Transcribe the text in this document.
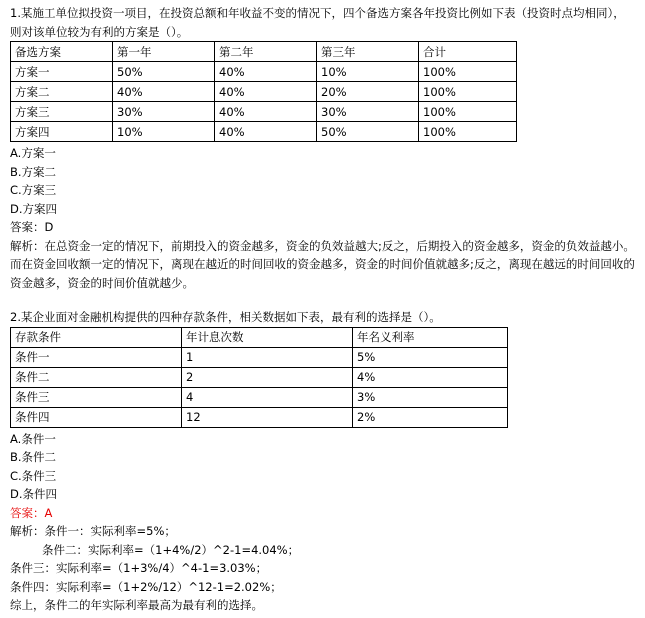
1.某施工单位拟投资一项目，在投资总额和年收益不变的情况下，四个备选方案各年投资比例如下表（投资时点均相同），则对该单位较为有利的方案是（）。

备选方案	第一年	第二年	第三年	合计
方案一	50%	40%	10%	100%
方案二	40%	40%	20%	100%
方案三	30%	40%	30%	100%
方案四	10%	40%	50%	100%

A.方案一

B.方案二

C.方案三

D.方案四

答案：D

解析：在总资金一定的情况下，前期投入的资金越多，资金的负效益越大;反之，后期投入的资金越多，资金的负效益越小。而在资金回收额一定的情况下，离现在越近的时间回收的资金越多，资金的时间价值就越多;反之，离现在越远的时间回收的资金越多，资金的时间价值就越少。

2.某企业面对金融机构提供的四种存款条件，相关数据如下表，最有利的选择是（）。

存款条件	年计息次数	年名义利率
条件一	1	5%
条件二	2	4%
条件三	4	3%
条件四	12	2%

A.条件一

B.条件二

C.条件三

D.条件四

答案：A

解析：条件一：实际利率=5%；

条件二：实际利率=（1+4%/2）^2-1=4.04%；

条件三：实际利率=（1+3%/4）^4-1=3.03%；

条件四：实际利率=（1+2%/12）^12-1=2.02%；

综上，条件二的年实际利率最高为最有利的选择。
